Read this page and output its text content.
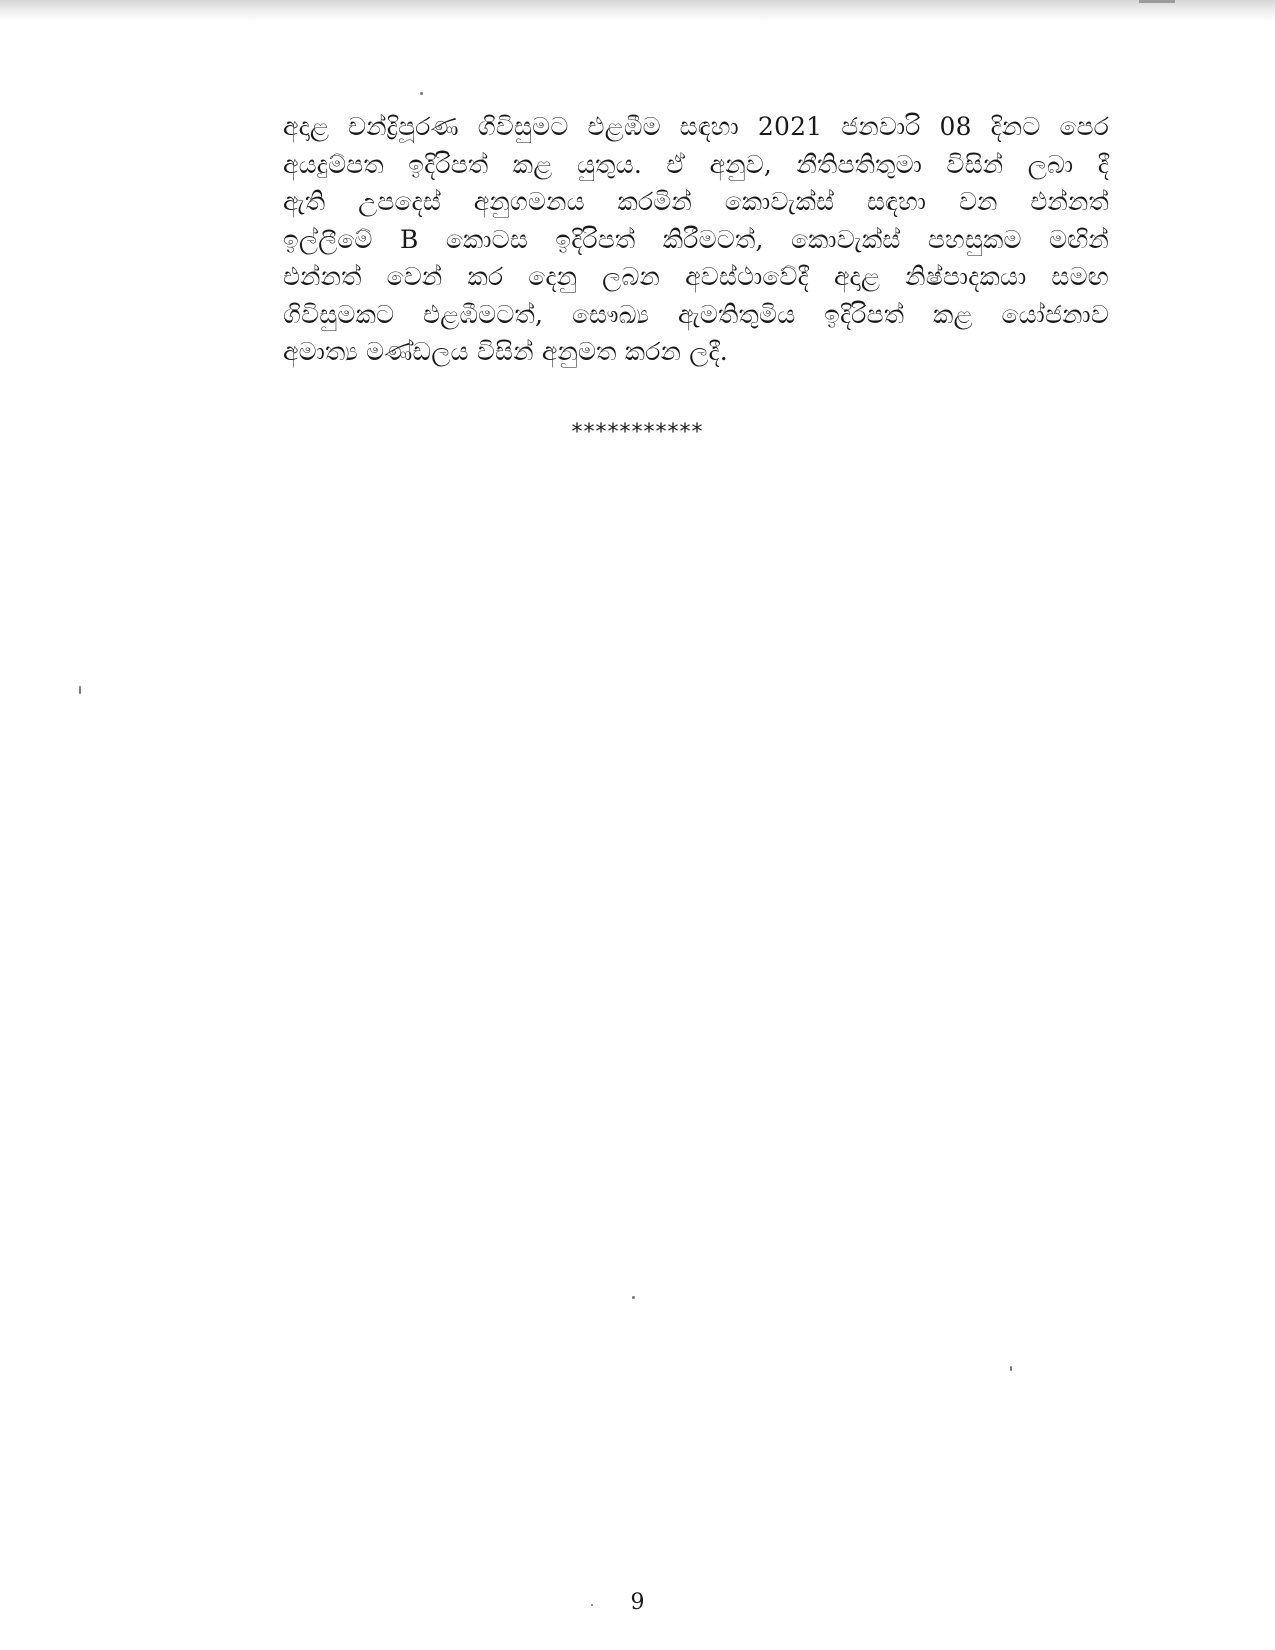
අදාළ චන්ද්‍රිපූරණ ගිවිසුමට එළඹීම සඳහා 2021 ජනවාරි 08 දිනට පෙර
අයදුම්පත ඉදිරිපත් කළ යුතුය. ඒ අනුව, නීතිපතිතුමා විසින් ලබා දී
ඇති උපදෙස් අනුගමනය කරමින් කොවැක්ස් සඳහා වන එන්නත්
ඉල්ලීමේ B කොටස ඉදිරිපත් කිරීමටත්, කොවැක්ස් පහසුකම මඟින්
එන්නත් වෙන් කර දෙනු ලබන අවස්ථාවේදී අදාළ නිෂ්පාදකයා සමඟ
ගිවිසුමකට එළඹීමටත්, සෞඛ්‍ය ඇමතිතුමිය ඉදිරිපත් කළ යෝජනාව
අමාත්‍ය මණ්ඩලය විසින් අනුමත කරන ලදී.
***********
9
